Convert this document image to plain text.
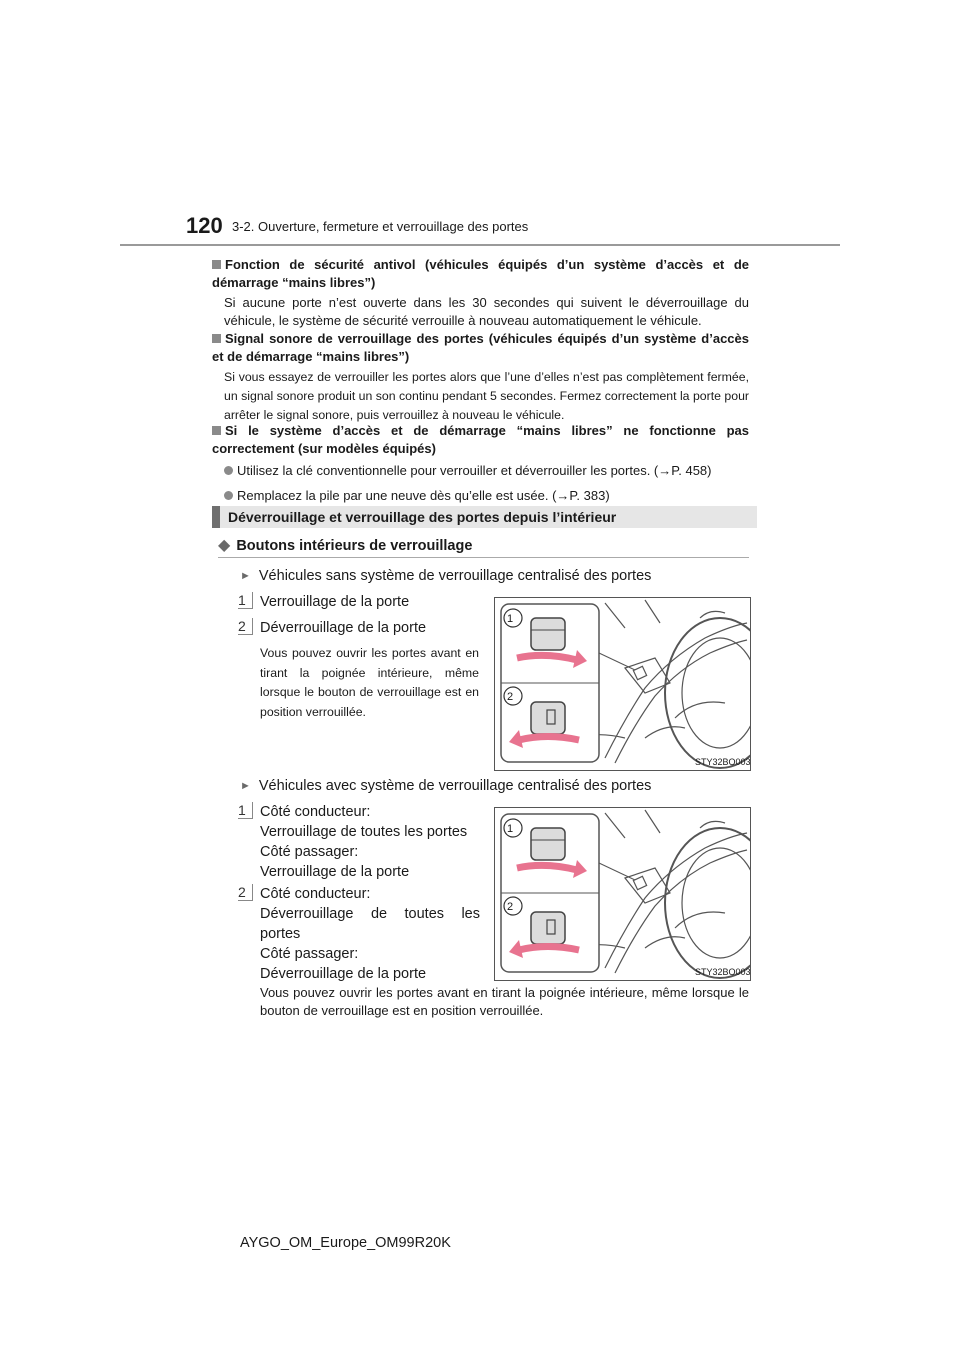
120 3-2. Ouverture, fermeture et verrouillage des portes
Fonction de sécurité antivol (véhicules équipés d’un système d’accès et de démarrage “mains libres”)
Si aucune porte n’est ouverte dans les 30 secondes qui suivent le déverrouillage du véhicule, le système de sécurité verrouille à nouveau automatiquement le véhicule.
Signal sonore de verrouillage des portes (véhicules équipés d’un système d’accès et de démarrage “mains libres”)
Si vous essayez de verrouiller les portes alors que l’une d’elles n’est pas complètement fermée, un signal sonore produit un son continu pendant 5 secondes. Fermez correctement la porte pour arrêter le signal sonore, puis verrouillez à nouveau le véhicule.
Si le système d’accès et de démarrage “mains libres” ne fonctionne pas correctement (sur modèles équipés)
Utilisez la clé conventionnelle pour verrouiller et déverrouiller les portes. (→P. 458)
Remplacez la pile par une neuve dès qu’elle est usée. (→P. 383)
Déverrouillage et verrouillage des portes depuis l’intérieur
◆ Boutons intérieurs de verrouillage
► Véhicules sans système de verrouillage centralisé des portes
1 Verrouillage de la porte
2 Déverrouillage de la porte
Vous pouvez ouvrir les portes avant en tirant la poignée intérieure, même lorsque le bouton de verrouillage est en position verrouillée.
1
2
STY32BO003
► Véhicules avec système de verrouillage centralisé des portes
1 Côté conducteur:
Verrouillage de toutes les portes
Côté passager:
Verrouillage de la porte
2 Côté conducteur:
Déverrouillage de toutes les portes
Côté passager:
Déverrouillage de la porte
1
2
STY32BO003
Vous pouvez ouvrir les portes avant en tirant la poignée intérieure, même lorsque le bouton de verrouillage est en position verrouillée.
AYGO_OM_Europe_OM99R20K
